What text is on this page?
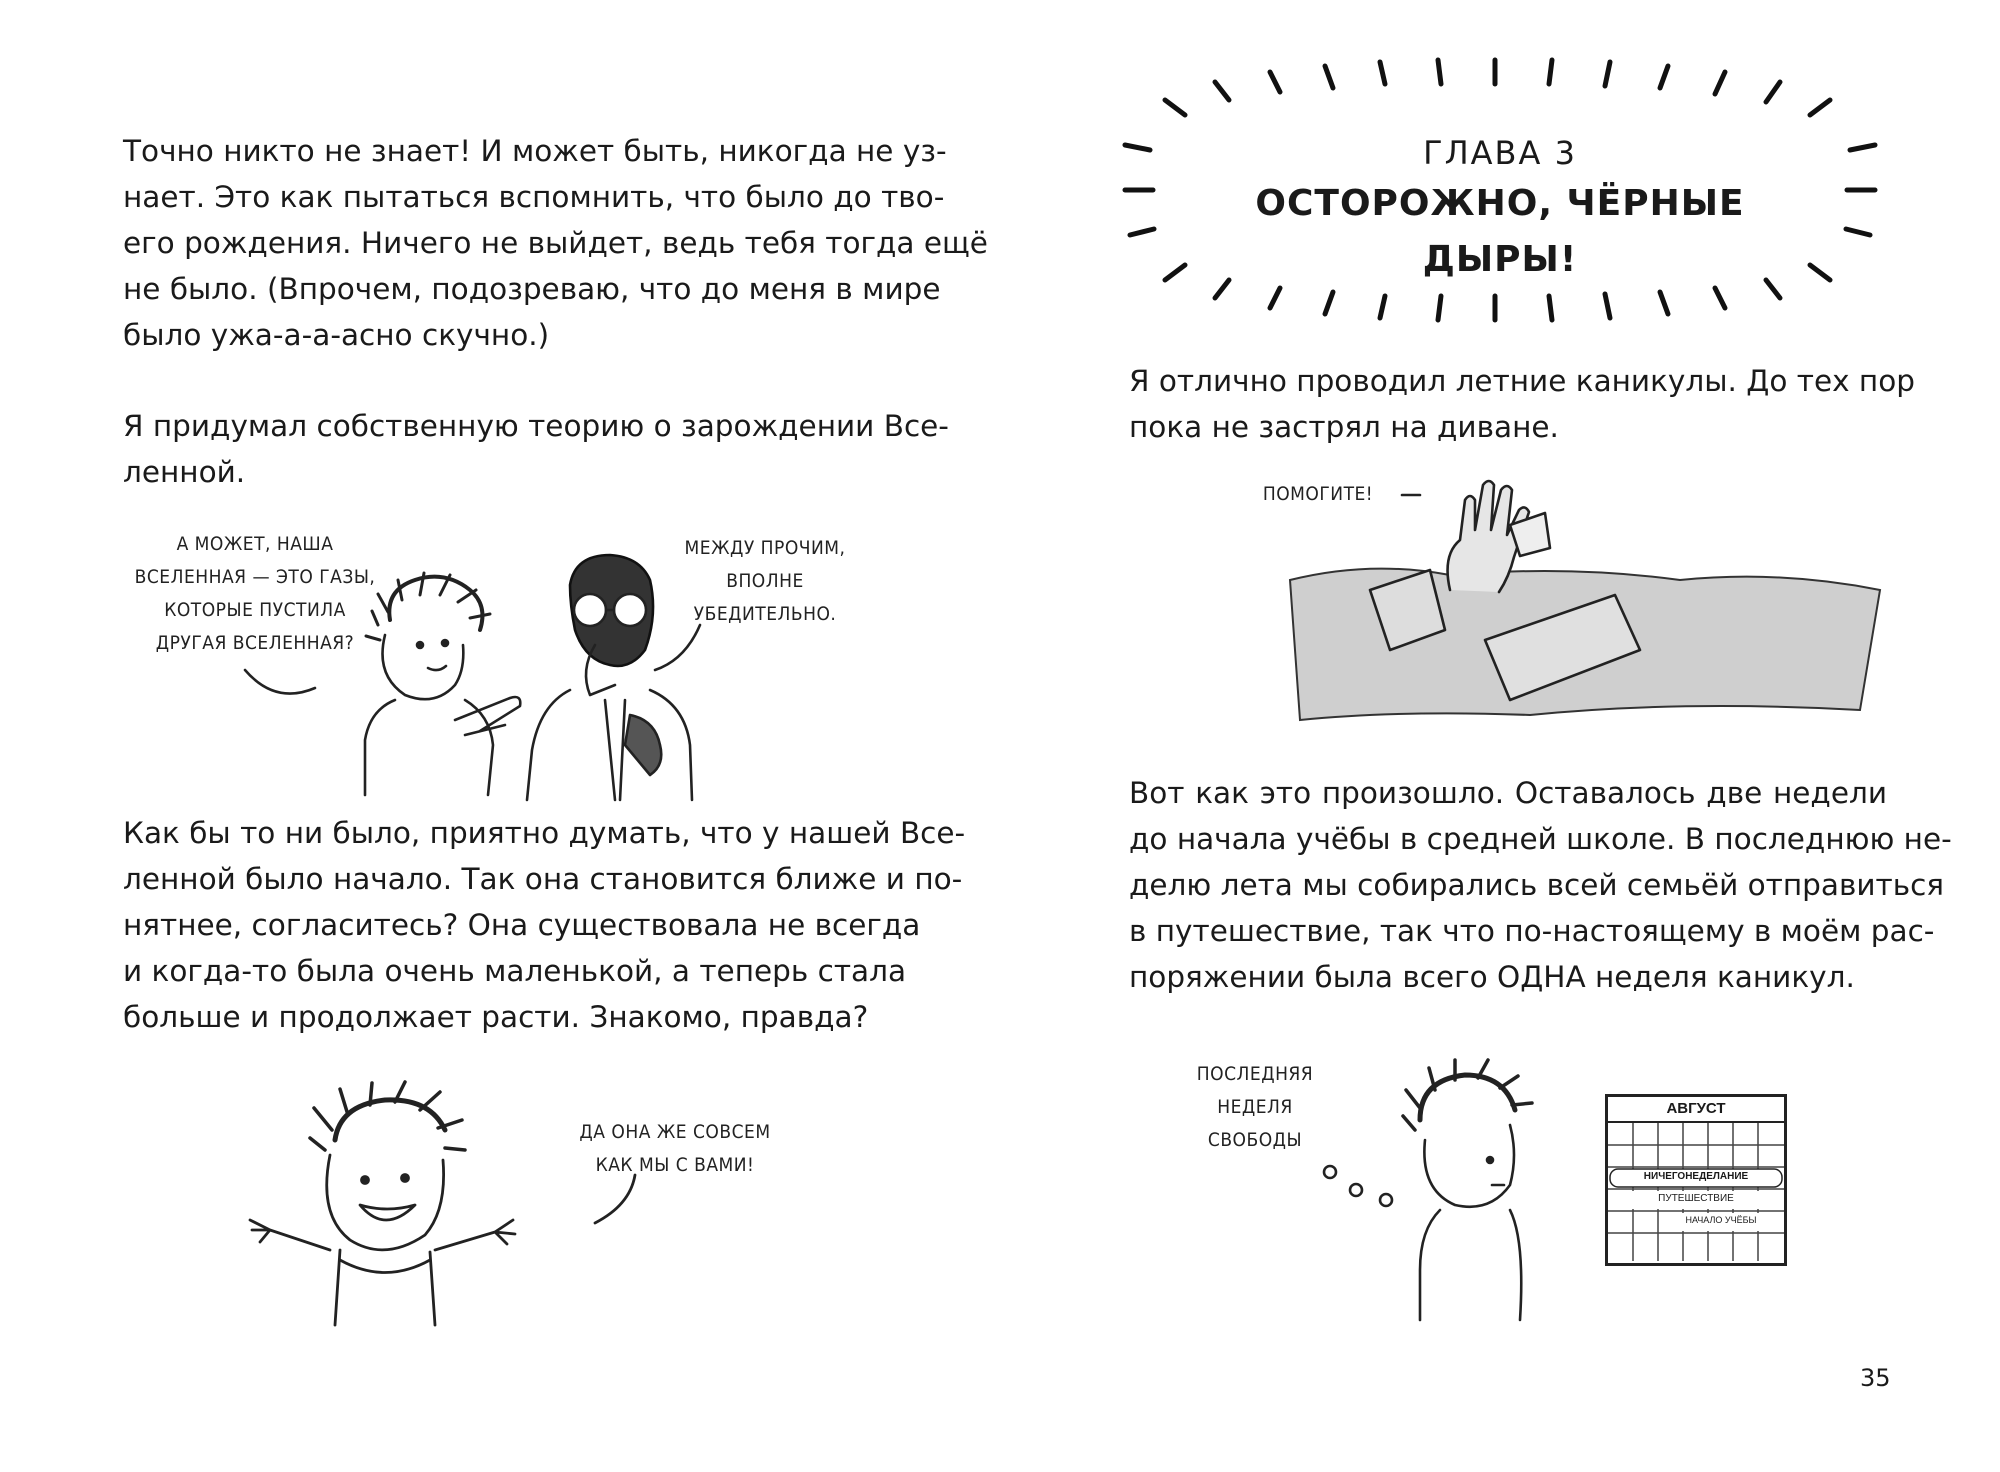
Точно никто не знает! И может быть, никогда не уз-
нает. Это как пытаться вспомнить, что было до тво-
его рождения. Ничего не выйдет, ведь тебя тогда ещё
не было. (Впрочем, подозреваю, что до меня в мире
было ужа-а-а-асно скучно.)

Я придумал собственную теорию о зарождении Все-
ленной.

А МОЖЕТ, НАША
ВСЕЛЕННАЯ — ЭТО ГАЗЫ,
КОТОРЫЕ ПУСТИЛА
ДРУГАЯ ВСЕЛЕННАЯ?
МЕЖДУ ПРОЧИМ,
ВПОЛНЕ
УБЕДИТЕЛЬНО.

Как бы то ни было, приятно думать, что у нашей Все-
ленной было начало. Так она становится ближе и по-
нятнее, согласитесь? Она существовала не всегда
и когда-то была очень маленькой, а теперь стала
больше и продолжает расти. Знакомо, правда?

ДА ОНА ЖЕ СОВСЕМ
КАК МЫ С ВАМИ!
ГЛАВА 3
ОСТОРОЖНО, ЧЁРНЫЕ ДЫРЫ!

Я отлично проводил летние каникулы. До тех пор
пока не застрял на диване.

ПОМОГИТЕ!

Вот как это произошло. Оставалось две недели
до начала учёбы в средней школе. В последнюю не-
делю лета мы собирались всей семьёй отправиться
в путешествие, так что по-настоящему в моём рас-
поряжении была всего ОДНА неделя каникул.

ПОСЛЕДНЯЯ
НЕДЕЛЯ
СВОБОДЫ
АВГУСТ
НИЧЕГОНЕДЕЛАНИЕ
ПУТЕШЕСТВИЕ
НАЧАЛО УЧЁБЫ
35
